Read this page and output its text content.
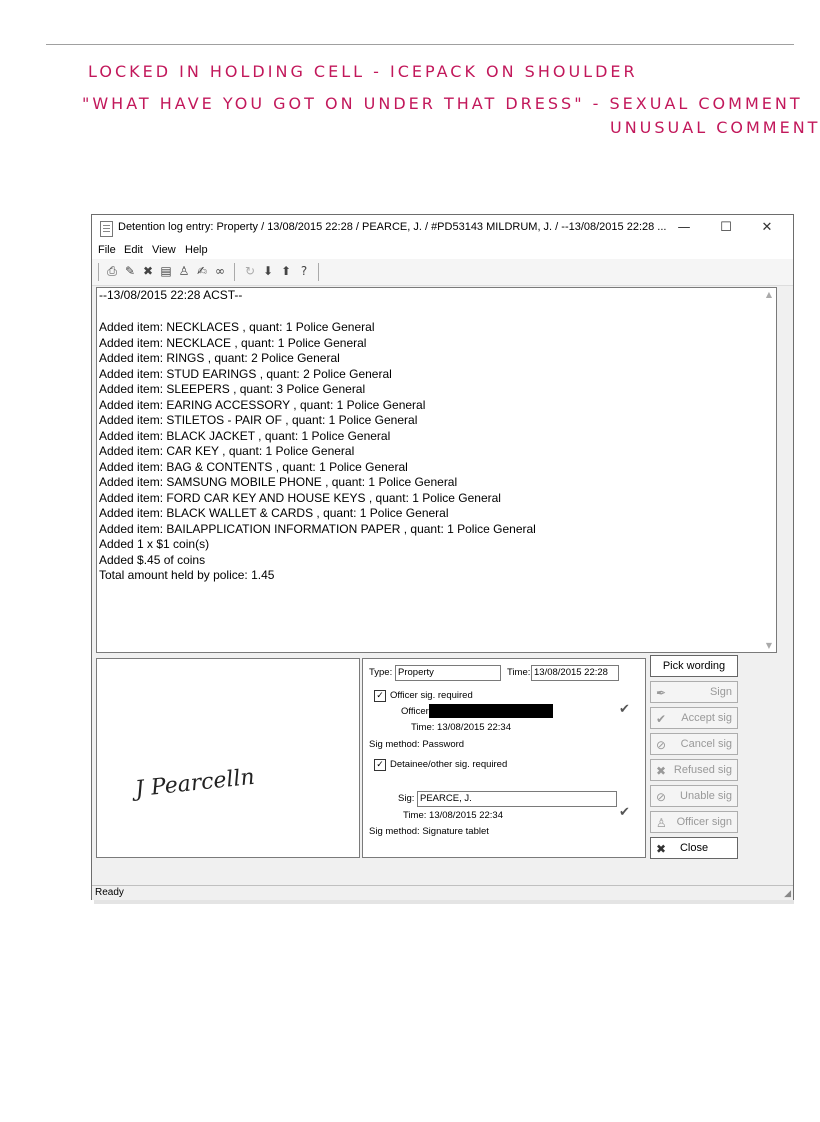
LOCKED IN HOLDING CELL - ICEPACK ON SHOULDER
"WHAT HAVE YOU GOT ON UNDER THAT DRESS" - SEXUAL COMMENT
UNUSUAL COMMENT
Detention log entry: Property / 13/08/2015 22:28 / PEARCE, J. / #PD53143 MILDRUM, J. / --13/08/2015 22:28 ... —	☐	✕
File Edit View Help
⎙ ✎ ✖ ▤ ♙ ✍ ∞ ↻ ⬇ ⬆ ?
--13/08/2015 22:28 ACST--
Added item: NECKLACES , quant: 1 Police General
Added item: NECKLACE , quant: 1 Police General
Added item: RINGS , quant: 2 Police General
Added item: STUD EARINGS , quant: 2 Police General
Added item: SLEEPERS , quant: 3 Police General
Added item: EARING ACCESSORY , quant: 1 Police General
Added item: STILETOS - PAIR OF , quant: 1 Police General
Added item: BLACK JACKET , quant: 1 Police General
Added item: CAR KEY , quant: 1 Police General
Added item: BAG & CONTENTS , quant: 1 Police General
Added item: SAMSUNG MOBILE PHONE , quant: 1 Police General
Added item: FORD CAR KEY AND HOUSE KEYS , quant: 1 Police General
Added item: BLACK WALLET & CARDS , quant: 1 Police General
Added item: BAILAPPLICATION INFORMATION PAPER , quant: 1 Police General
Added 1 x $1 coin(s)
Added $.45 of coins
Total amount held by police: 1.45
▲
▼
J Pearcelln
Type: Property	Time: 13/08/2015 22:28
✓ Officer sig. required
Officer	✔
Time: 13/08/2015 22:34
Sig method: Password
✓ Detainee/other sig. required
Sig: PEARCE, J.
✔
Time: 13/08/2015 22:34
Sig method: Signature tablet
Pick wording
✒	Sign
✔ Accept sig
⊘ Cancel sig
✖ Refused sig
⊘ Unable sig
♙ Officer sign
✖ Close
Ready	◢
